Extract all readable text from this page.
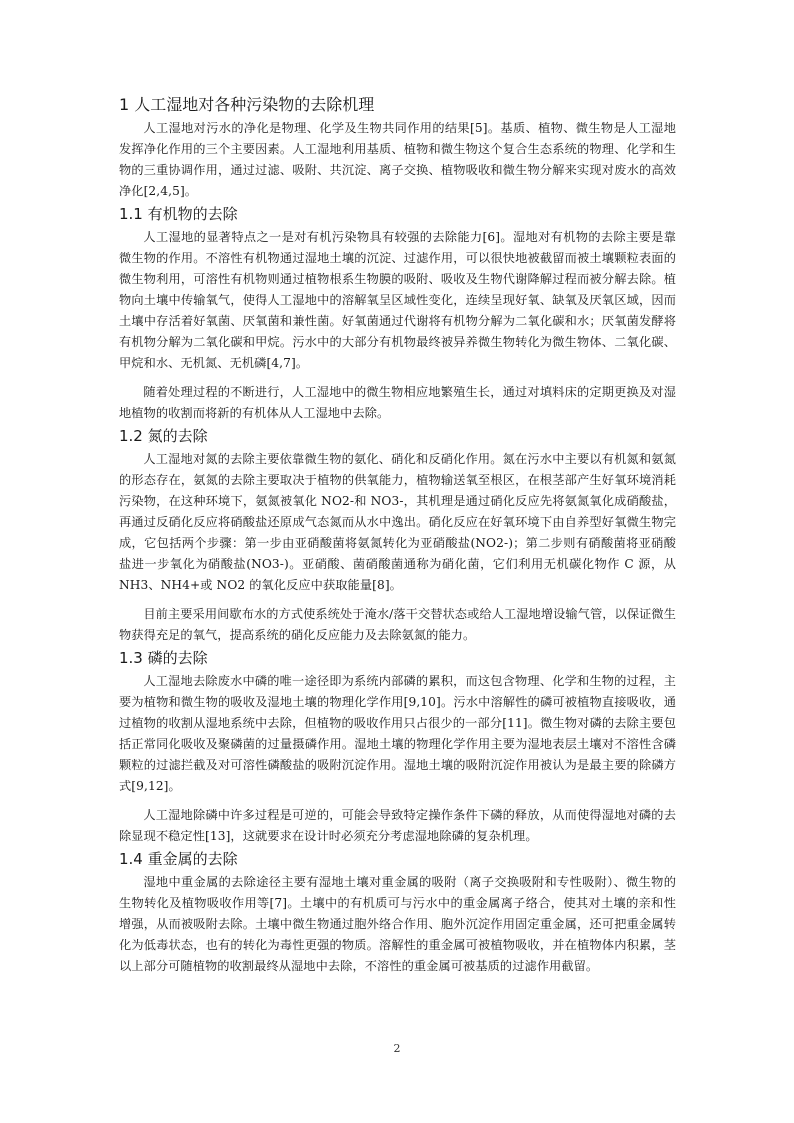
1 人工湿地对各种污染物的去除机理

人工湿地对污水的净化是物理、化学及生物共同作用的结果[5]。基质、植物、微生物是人工湿地发挥净化作用的三个主要因素。人工湿地利用基质、植物和微生物这个复合生态系统的物理、化学和生物的三重协调作用，通过过滤、吸附、共沉淀、离子交换、植物吸收和微生物分解来实现对废水的高效净化[2,4,5]。

1.1 有机物的去除

人工湿地的显著特点之一是对有机污染物具有较强的去除能力[6]。湿地对有机物的去除主要是靠微生物的作用。不溶性有机物通过湿地土壤的沉淀、过滤作用，可以很快地被截留而被土壤颗粒表面的微生物利用，可溶性有机物则通过植物根系生物膜的吸附、吸收及生物代谢降解过程而被分解去除。植物向土壤中传输氧气，使得人工湿地中的溶解氧呈区域性变化，连续呈现好氧、缺氧及厌氧区域，因而土壤中存活着好氧菌、厌氧菌和兼性菌。好氧菌通过代谢将有机物分解为二氧化碳和水；厌氧菌发酵将有机物分解为二氧化碳和甲烷。污水中的大部分有机物最终被异养微生物转化为微生物体、二氧化碳、甲烷和水、无机氮、无机磷[4,7]。

随着处理过程的不断进行，人工湿地中的微生物相应地繁殖生长，通过对填料床的定期更换及对湿地植物的收割而将新的有机体从人工湿地中去除。

1.2 氮的去除

人工湿地对氮的去除主要依靠微生物的氨化、硝化和反硝化作用。氮在污水中主要以有机氮和氨氮的形态存在，氨氮的去除主要取决于植物的供氧能力，植物输送氧至根区，在根茎部产生好氧环境消耗污染物，在这种环境下，氨氮被氧化 NO2-和 NO3-，其机理是通过硝化反应先将氨氮氧化成硝酸盐，再通过反硝化反应将硝酸盐还原成气态氮而从水中逸出。硝化反应在好氧环境下由自养型好氧微生物完成，它包括两个步骤：第一步由亚硝酸菌将氨氮转化为亚硝酸盐(NO2-)；第二步则有硝酸菌将亚硝酸盐进一步氧化为硝酸盐(NO3-)。亚硝酸、菌硝酸菌通称为硝化菌，它们利用无机碳化物作 C 源，从 NH3、NH4+或 NO2 的氧化反应中获取能量[8]。

目前主要采用间歇布水的方式使系统处于淹水/落干交替状态或给人工湿地增设输气管，以保证微生物获得充足的氧气，提高系统的硝化反应能力及去除氨氮的能力。

1.3 磷的去除

人工湿地去除废水中磷的唯一途径即为系统内部磷的累积，而这包含物理、化学和生物的过程，主要为植物和微生物的吸收及湿地土壤的物理化学作用[9,10]。污水中溶解性的磷可被植物直接吸收，通过植物的收割从湿地系统中去除，但植物的吸收作用只占很少的一部分[11]。微生物对磷的去除主要包括正常同化吸收及聚磷菌的过量摄磷作用。湿地土壤的物理化学作用主要为湿地表层土壤对不溶性含磷颗粒的过滤拦截及对可溶性磷酸盐的吸附沉淀作用。湿地土壤的吸附沉淀作用被认为是最主要的除磷方式[9,12]。

人工湿地除磷中许多过程是可逆的，可能会导致特定操作条件下磷的释放，从而使得湿地对磷的去除显现不稳定性[13]，这就要求在设计时必须充分考虑湿地除磷的复杂机理。

1.4 重金属的去除

湿地中重金属的去除途径主要有湿地土壤对重金属的吸附（离子交换吸附和专性吸附）、微生物的生物转化及植物吸收作用等[7]。土壤中的有机质可与污水中的重金属离子络合，使其对土壤的亲和性增强，从而被吸附去除。土壤中微生物通过胞外络合作用、胞外沉淀作用固定重金属，还可把重金属转化为低毒状态，也有的转化为毒性更强的物质。溶解性的重金属可被植物吸收，并在植物体内积累，茎以上部分可随植物的收割最终从湿地中去除，不溶性的重金属可被基质的过滤作用截留。

2
